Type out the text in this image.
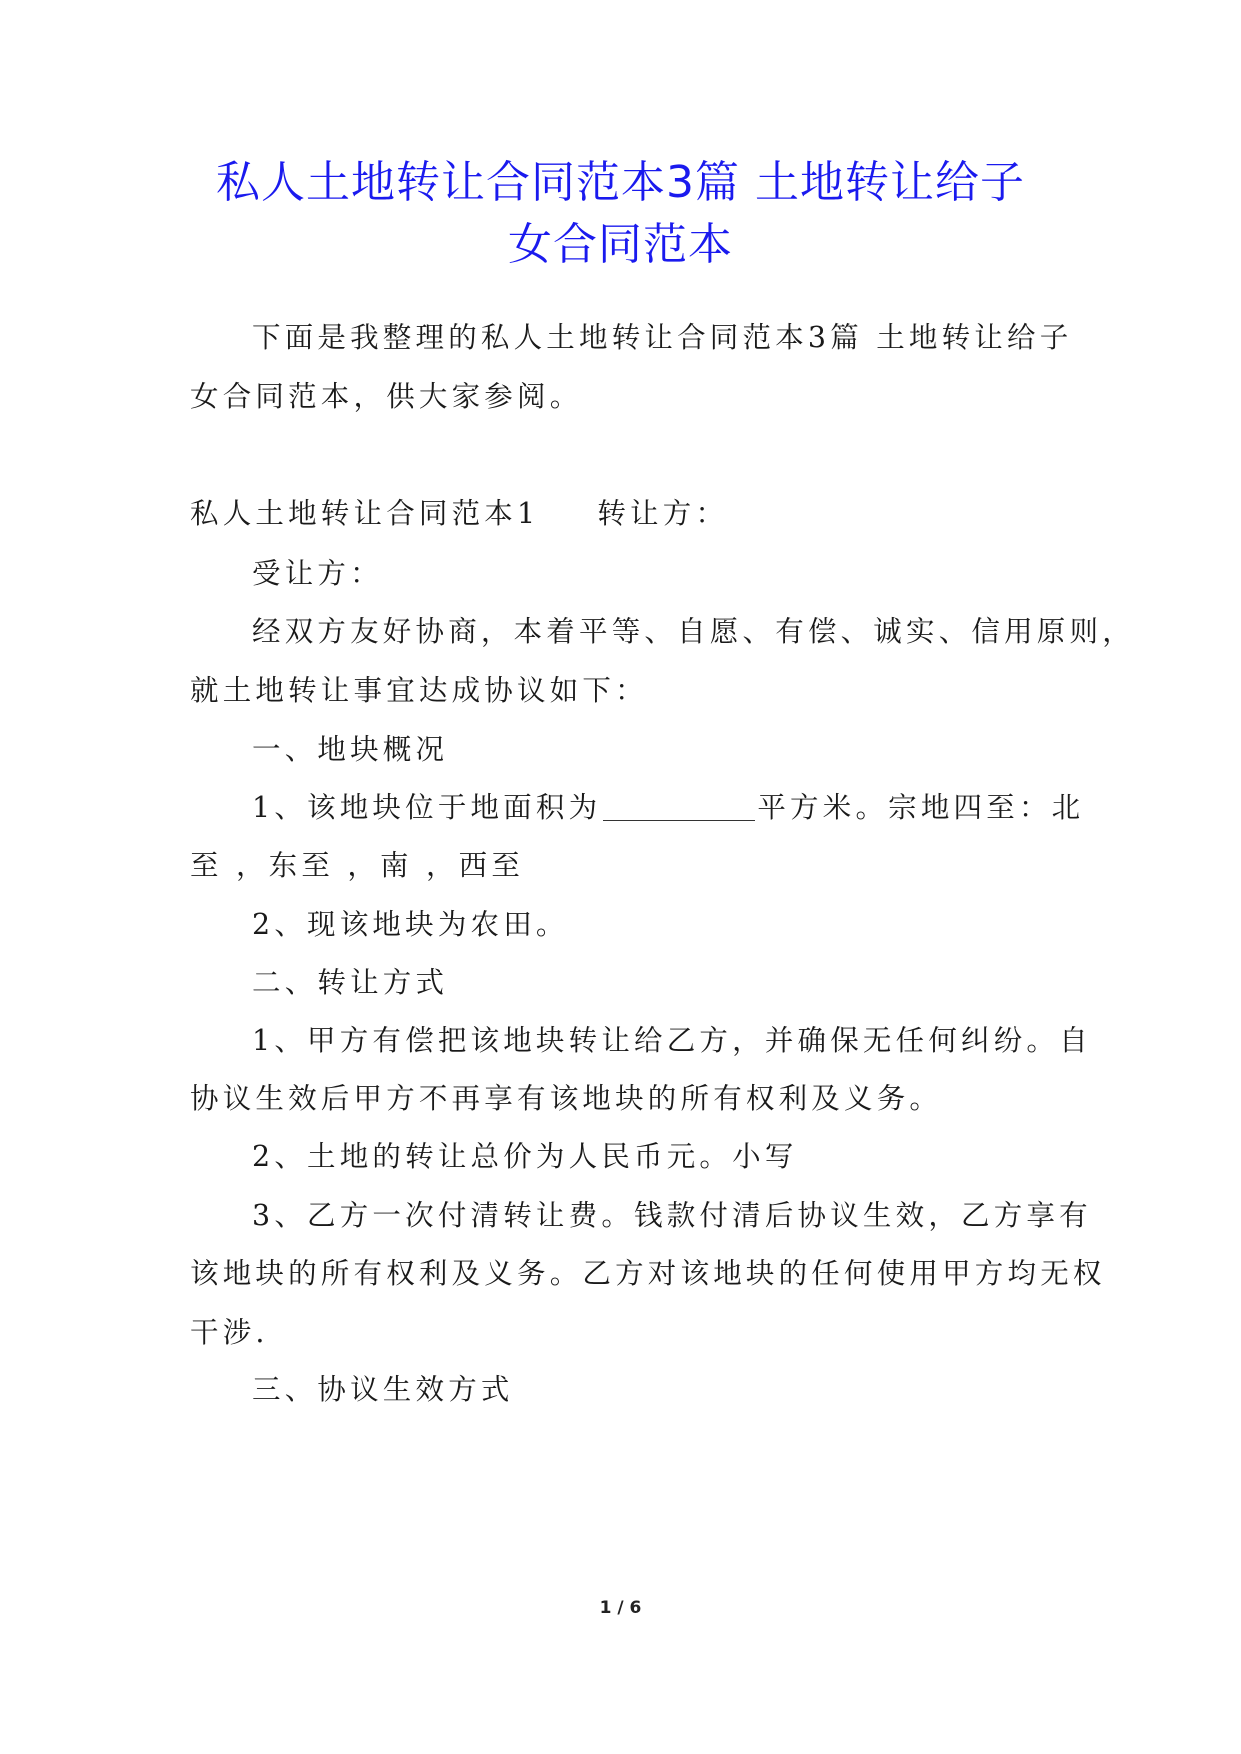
私人土地转让合同范本3篇 土地转让给子
女合同范本
下面是我整理的私人土地转让合同范本3篇 土地转让给子
女合同范本，供大家参阅。
私人土地转让合同范本1 转让方：
受让方：
经双方友好协商，本着平等、自愿、有偿、诚实、信用原则，
就土地转让事宜达成协议如下：
一、地块概况
1、该地块位于地面积为	平方米。宗地四至：北
至 ，东至 ，南 ，西至
2、现该地块为农田。
二、转让方式
1、甲方有偿把该地块转让给乙方，并确保无任何纠纷。自
协议生效后甲方不再享有该地块的所有权利及义务。
2、土地的转让总价为人民币元。小写
3、乙方一次付清转让费。钱款付清后协议生效，乙方享有
该地块的所有权利及义务。乙方对该地块的任何使用甲方均无权
干涉.
三、协议生效方式
1 / 6
